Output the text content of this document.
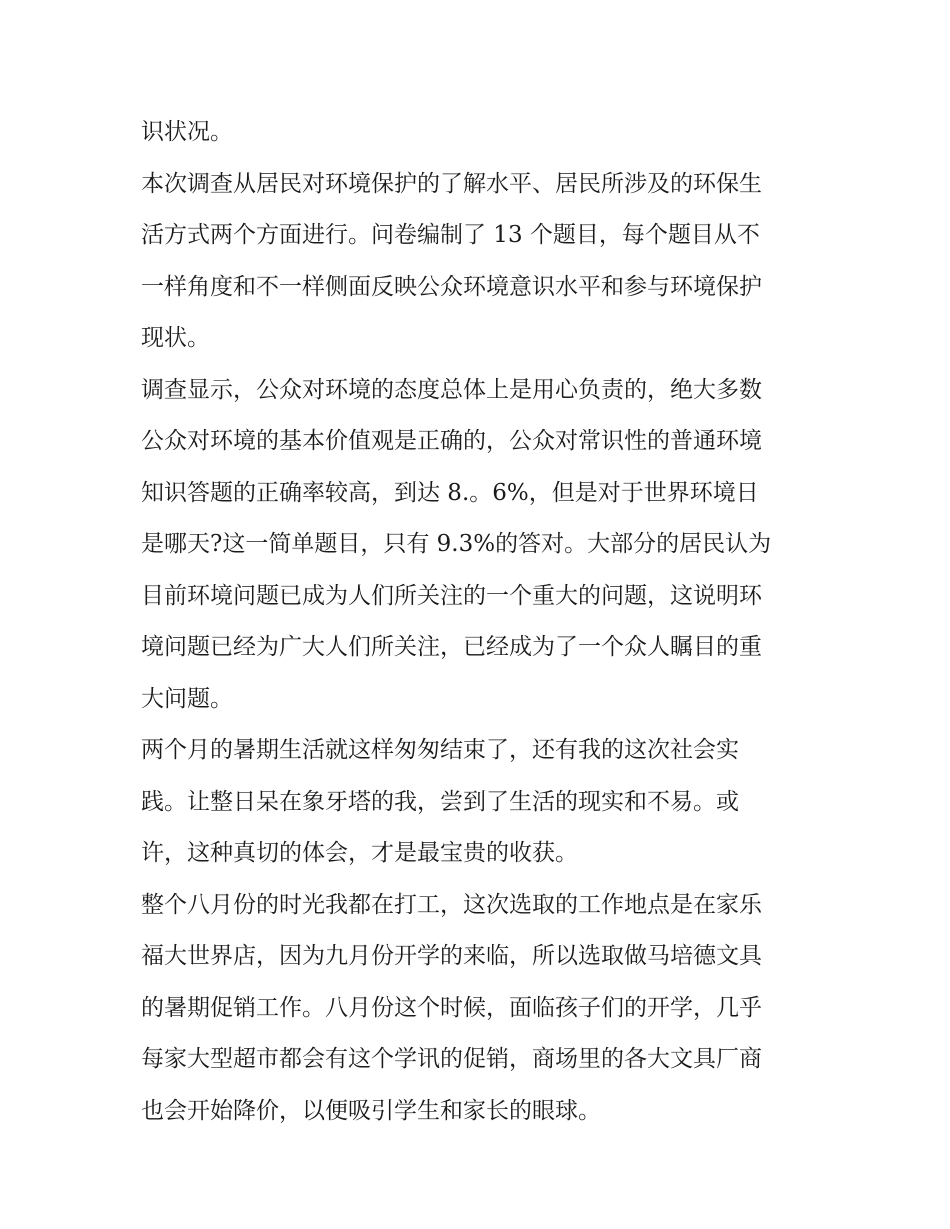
识状况。
本次调查从居民对环境保护的了解水平、居民所涉及的环保生
活方式两个方面进行。问卷编制了 13 个题目，每个题目从不
一样角度和不一样侧面反映公众环境意识水平和参与环境保护
现状。
调查显示，公众对环境的态度总体上是用心负责的，绝大多数
公众对环境的基本价值观是正确的，公众对常识性的普通环境
知识答题的正确率较高，到达 8.。6%，但是对于世界环境日
是哪天?这一简单题目，只有 9.3%的答对。大部分的居民认为
目前环境问题已成为人们所关注的一个重大的问题，这说明环
境问题已经为广大人们所关注，已经成为了一个众人瞩目的重
大问题。
两个月的暑期生活就这样匆匆结束了，还有我的这次社会实
践。让整日呆在象牙塔的我，尝到了生活的现实和不易。或
许，这种真切的体会，才是最宝贵的收获。
整个八月份的时光我都在打工，这次选取的工作地点是在家乐
福大世界店，因为九月份开学的来临，所以选取做马培德文具
的暑期促销工作。八月份这个时候，面临孩子们的开学，几乎
每家大型超市都会有这个学讯的促销，商场里的各大文具厂商
也会开始降价，以便吸引学生和家长的眼球。
